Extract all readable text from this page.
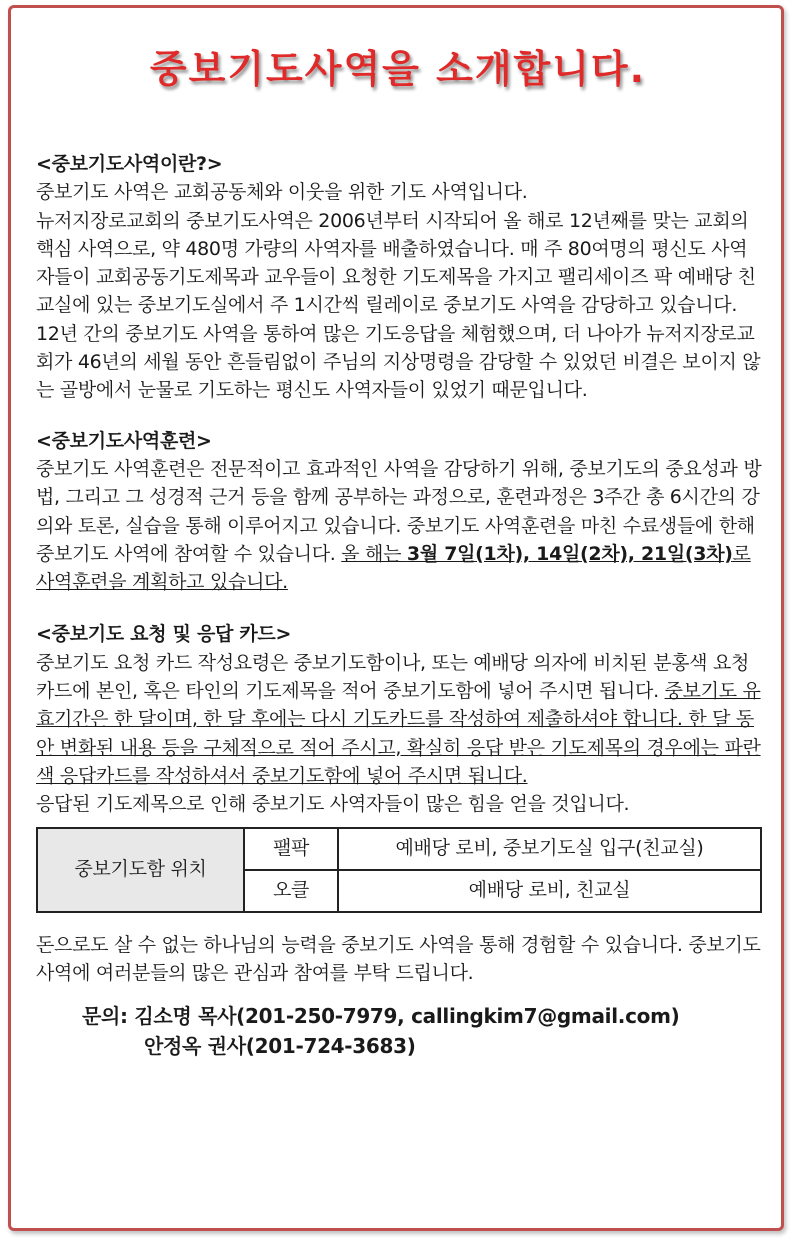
중보기도사역을 소개합니다.
<중보기도사역이란?>
중보기도 사역은 교회공동체와 이웃을 위한 기도 사역입니다.
뉴저지장로교회의 중보기도사역은 2006년부터 시작되어 올 해로 12년째를 맞는 교회의 핵심 사역으로, 약 480명 가량의 사역자를 배출하였습니다. 매 주 80여명의 평신도 사역자들이 교회공동기도제목과 교우들이 요청한 기도제목을 가지고 팰리세이즈 팍 예배당 친교실에 있는 중보기도실에서 주 1시간씩 릴레이로 중보기도 사역을 감당하고 있습니다.
12년 간의 중보기도 사역을 통하여 많은 기도응답을 체험했으며, 더 나아가 뉴저지장로교회가 46년의 세월 동안 흔들림없이 주님의 지상명령을 감당할 수 있었던 비결은 보이지 않는 골방에서 눈물로 기도하는 평신도 사역자들이 있었기 때문입니다.
<중보기도사역훈련>
중보기도 사역훈련은 전문적이고 효과적인 사역을 감당하기 위해, 중보기도의 중요성과 방법, 그리고 그 성경적 근거 등을 함께 공부하는 과정으로, 훈련과정은 3주간 총 6시간의 강의와 토론, 실습을 통해 이루어지고 있습니다. 중보기도 사역훈련을 마친 수료생들에 한해 중보기도 사역에 참여할 수 있습니다. 올 해는 3월 7일(1차), 14일(2차), 21일(3차)로 사역훈련을 계획하고 있습니다.
<중보기도 요청 및 응답 카드>
중보기도 요청 카드 작성요령은 중보기도함이나, 또는 예배당 의자에 비치된 분홍색 요청카드에 본인, 혹은 타인의 기도제목을 적어 중보기도함에 넣어 주시면 됩니다. 중보기도 유효기간은 한 달이며, 한 달 후에는 다시 기도카드를 작성하여 제출하셔야 합니다. 한 달 동안 변화된 내용 등을 구체적으로 적어 주시고, 확실히 응답 받은 기도제목의 경우에는 파란색 응답카드를 작성하셔서 중보기도함에 넣어 주시면 됩니다.
응답된 기도제목으로 인해 중보기도 사역자들이 많은 힘을 얻을 것입니다.
중보기도함 위치	팰팍	예배당 로비, 중보기도실 입구(친교실)
	오클	예배당 로비, 친교실
돈으로도 살 수 없는 하나님의 능력을 중보기도 사역을 통해 경험할 수 있습니다. 중보기도 사역에 여러분들의 많은 관심과 참여를 부탁 드립니다.
문의: 김소명 목사(201-250-7979, callingkim7@gmail.com)
안정옥 권사(201-724-3683)
